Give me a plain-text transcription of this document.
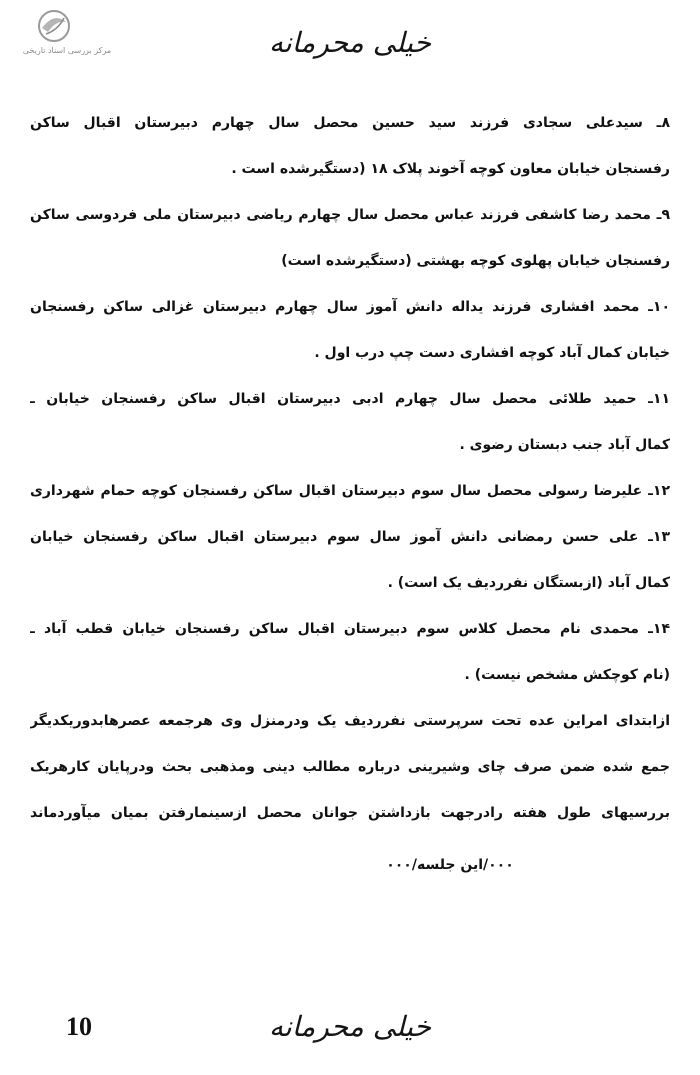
مرکز بررسی اسناد تاریخی	خیلی محرمانه
۸ـ سیدعلی سجادی فرزند سید حسین محصل سال چهارم دبیرستان اقبال ساکن
رفسنجان خیابان معاون کوچه آخوند پلاک ۱۸ (دستگیرشده است .
۹ـ محمد رضا کاشفی فرزند عباس محصل سال چهارم ریاضی دبیرستان ملی فردوسی ساکن
رفسنجان خیابان پهلوی کوچه بهشتی (دستگیرشده است)
۱۰ـ محمد افشاری فرزند یداله دانش آموز سال چهارم دبیرستان غزالی ساکن رفسنجان
خیابان کمال آباد کوچه افشاری دست چپ درب اول .
۱۱ـ حمید طلائی محصل سال چهارم ادبی دبیرستان اقبال ساکن رفسنجان خیابان ـ
کمال آباد جنب دبستان رضوی .
۱۲ـ علیرضا رسولی محصل سال سوم دبیرستان اقبال ساکن رفسنجان کوچه حمام شهرداری
۱۳ـ علی حسن رمضانی دانش آموز سال سوم دبیرستان اقبال ساکن رفسنجان خیابان
کمال آباد (ازبستگان نفرردیف یک است) .
۱۴ـ محمدی نام محصل کلاس سوم دبیرستان اقبال ساکن رفسنجان خیابان قطب آباد ـ
(نام کوچکش مشخص نیست) .
ازابتدای امراین عده تحت سرپرستی نفرردیف یک ودرمنزل وی هرجمعه عصرهابدوریکدیگر
جمع شده ضمن صرف چای وشیرینی درباره مطالب دینی ومذهبی بحث ودرپایان کارهریک
بررسیهای طول هفته رادرجهت بازداشتن جوانان محصل ازسینمارفتن بمیان میآوردماند
۰۰۰/این جلسه/۰۰۰
10	خیلی محرمانه
